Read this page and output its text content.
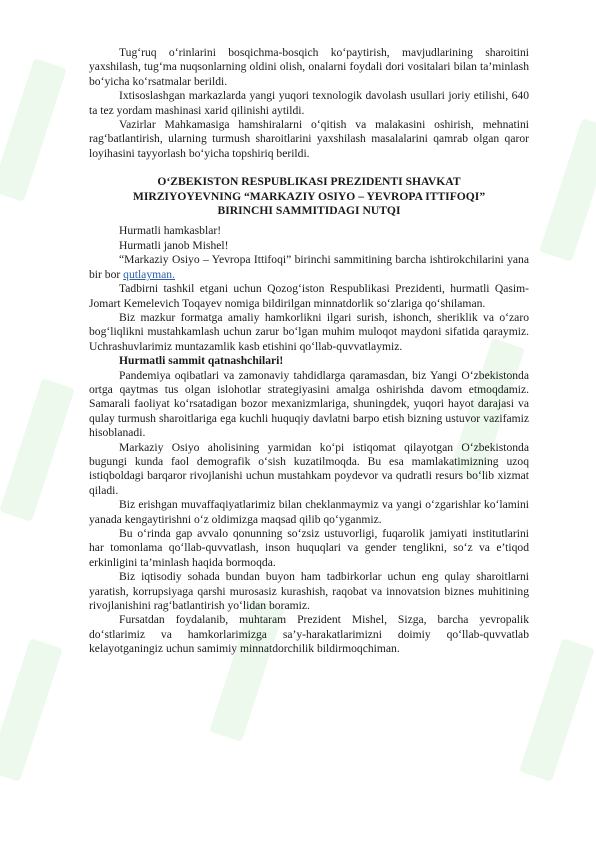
Tug‘ruq o‘rinlarini bosqichma-bosqich ko‘paytirish, mavjudlarining sharoitini yaxshilash, tug‘ma nuqsonlarning oldini olish, onalarni foydali dori vositalari bilan ta’minlash bo‘yicha ko‘rsatmalar berildi.

Ixtisoslashgan markazlarda yangi yuqori texnologik davolash usullari joriy etilishi, 640 ta tez yordam mashinasi xarid qilinishi aytildi.

Vazirlar Mahkamasiga hamshiralarni o‘qitish va malakasini oshirish, mehnatini rag‘batlantirish, ularning turmush sharoitlarini yaxshilash masalalarini qamrab olgan qaror loyihasini tayyorlash bo‘yicha topshiriq berildi.

O‘ZBEKISTON RESPUBLIKASI PREZIDENTI SHAVKAT
MIRZIYOYEVNING “MARKAZIY OSIYO – YEVROPA ITTIFOQI”
BIRINCHI SAMMITIDAGI NUTQI

Hurmatli hamkasblar!

Hurmatli janob Mishel!

“Markaziy Osiyo – Yevropa Ittifoqi” birinchi sammitining barcha ishtirokchilarini yana bir bor qutlayman.

Tadbirni tashkil etgani uchun Qozog‘iston Respublikasi Prezidenti, hurmatli Qasim-Jomart Kemelevich Toqayev nomiga bildirilgan minnatdorlik so‘zlariga qo‘shilaman.

Biz mazkur formatga amaliy hamkorlikni ilgari surish, ishonch, sheriklik va o‘zaro bog‘liqlikni mustahkamlash uchun zarur bo‘lgan muhim muloqot maydoni sifatida qaraymiz. Uchrashuvlarimiz muntazamlik kasb etishini qo‘llab-quvvatlaymiz.

Hurmatli sammit qatnashchilari!

Pandemiya oqibatlari va zamonaviy tahdidlarga qaramasdan, biz Yangi O‘zbekistonda ortga qaytmas tus olgan islohotlar strategiyasini amalga oshirishda davom etmoqdamiz. Samarali faoliyat ko‘rsatadigan bozor mexanizmlariga, shuningdek, yuqori hayot darajasi va qulay turmush sharoitlariga ega kuchli huquqiy davlatni barpo etish bizning ustuvor vazifamiz hisoblanadi.

Markaziy Osiyo aholisining yarmidan ko‘pi istiqomat qilayotgan O‘zbekistonda bugungi kunda faol demografik o‘sish kuzatilmoqda. Bu esa mamlakatimizning uzoq istiqboldagi barqaror rivojlanishi uchun mustahkam poydevor va qudratli resurs bo‘lib xizmat qiladi.

Biz erishgan muvaffaqiyatlarimiz bilan cheklanmaymiz va yangi o‘zgarishlar ko‘lamini yanada kengaytirishni o‘z oldimizga maqsad qilib qo‘yganmiz.

Bu o‘rinda gap avvalo qonunning so‘zsiz ustuvorligi, fuqarolik jamiyati institutlarini har tomonlama qo‘llab-quvvatlash, inson huquqlari va gender tenglikni, so‘z va e’tiqod erkinligini ta’minlash haqida bormoqda.

Biz iqtisodiy sohada bundan buyon ham tadbirkorlar uchun eng qulay sharoitlarni yaratish, korrupsiyaga qarshi murosasiz kurashish, raqobat va innovatsion biznes muhitining rivojlanishini rag‘batlantirish yo‘lidan boramiz.

Fursatdan foydalanib, muhtaram Prezident Mishel, Sizga, barcha yevropalik do‘stlarimiz va hamkorlarimizga sa’y-harakatlarimizni doimiy qo‘llab-quvvatlab kelayotganingiz uchun samimiy minnatdorchilik bildirmoqchiman.
